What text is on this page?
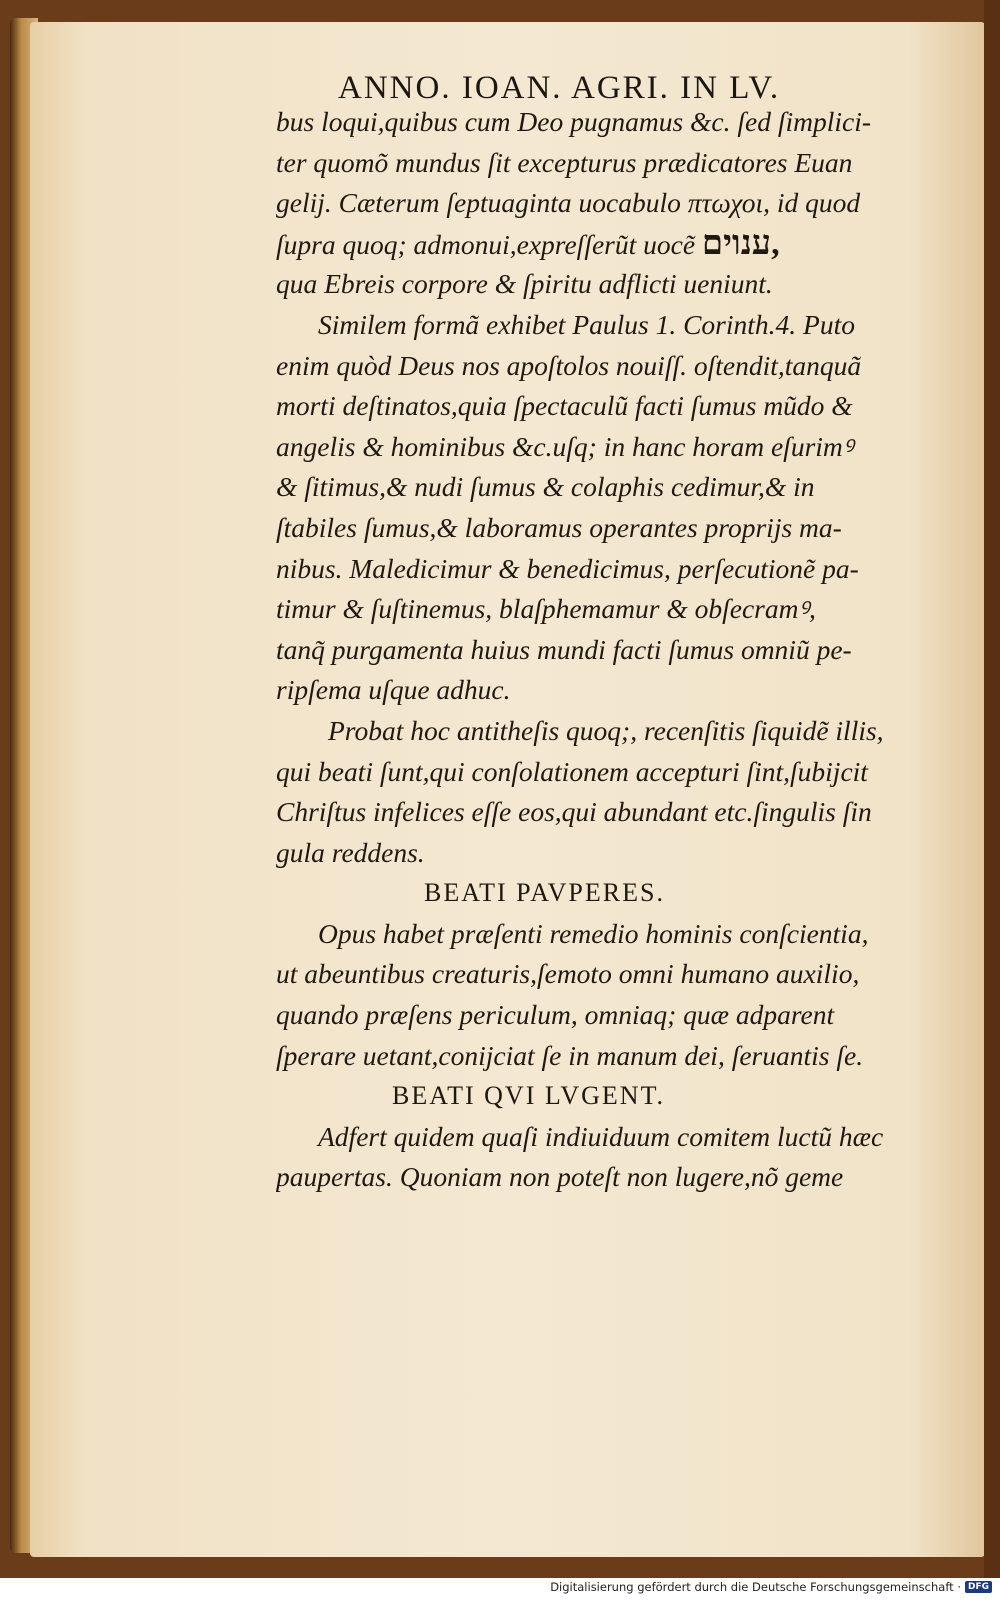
ANNO. IOAN. AGRI. IN LV.
bus loqui,quibus cum Deo pugnamus &c. ſed ſimplici-
ter quomõ mundus ſit excepturus prædicatores Euan
gelij. Cæterum ſeptuaginta uocabulo πτωχοι, id quod
ſupra quoq; admonui,expreſſerũt uocẽ ענוים,
qua Ebreis corpore & ſpiritu adflicti ueniunt.
Similem formã exhibet Paulus 1. Corinth.4. Puto
enim quòd Deus nos apoſtolos nouiſſ. oſtendit,tanquã
morti deſtinatos,quia ſpectaculũ facti ſumus mũdo &
angelis & hominibus &c.uſq; in hanc horam eſurimꝰ
& ſitimus,& nudi ſumus & colaphis cedimur,& in
ſtabiles ſumus,& laboramus operantes proprijs ma-
nibus. Maledicimur & benedicimus, perſecutionẽ pa-
timur & ſuſtinemus, blaſphemamur & obſecramꝰ,
tanq̃ purgamenta huius mundi facti ſumus omniũ pe-
ripſema uſque adhuc.
Probat hoc antitheſis quoq;, recenſitis ſiquidẽ illis,
qui beati ſunt,qui conſolationem accepturi ſint,ſubijcit
Chriſtus infelices eſſe eos,qui abundant etc.ſingulis ſin
gula reddens.
BEATI PAVPERES.
Opus habet præſenti remedio hominis conſcientia,
ut abeuntibus creaturis,ſemoto omni humano auxilio,
quando præſens periculum, omniaq; quæ adparent
ſperare uetant,conijciat ſe in manum dei, ſeruantis ſe.
BEATI QVI LVGENT.
Adfert quidem quaſi indiuiduum comitem luctũ hæc
paupertas. Quoniam non poteſt non lugere,nõ geme
Digitalisierung gefördert durch die Deutsche Forschungsgemeinschaft · DFG
